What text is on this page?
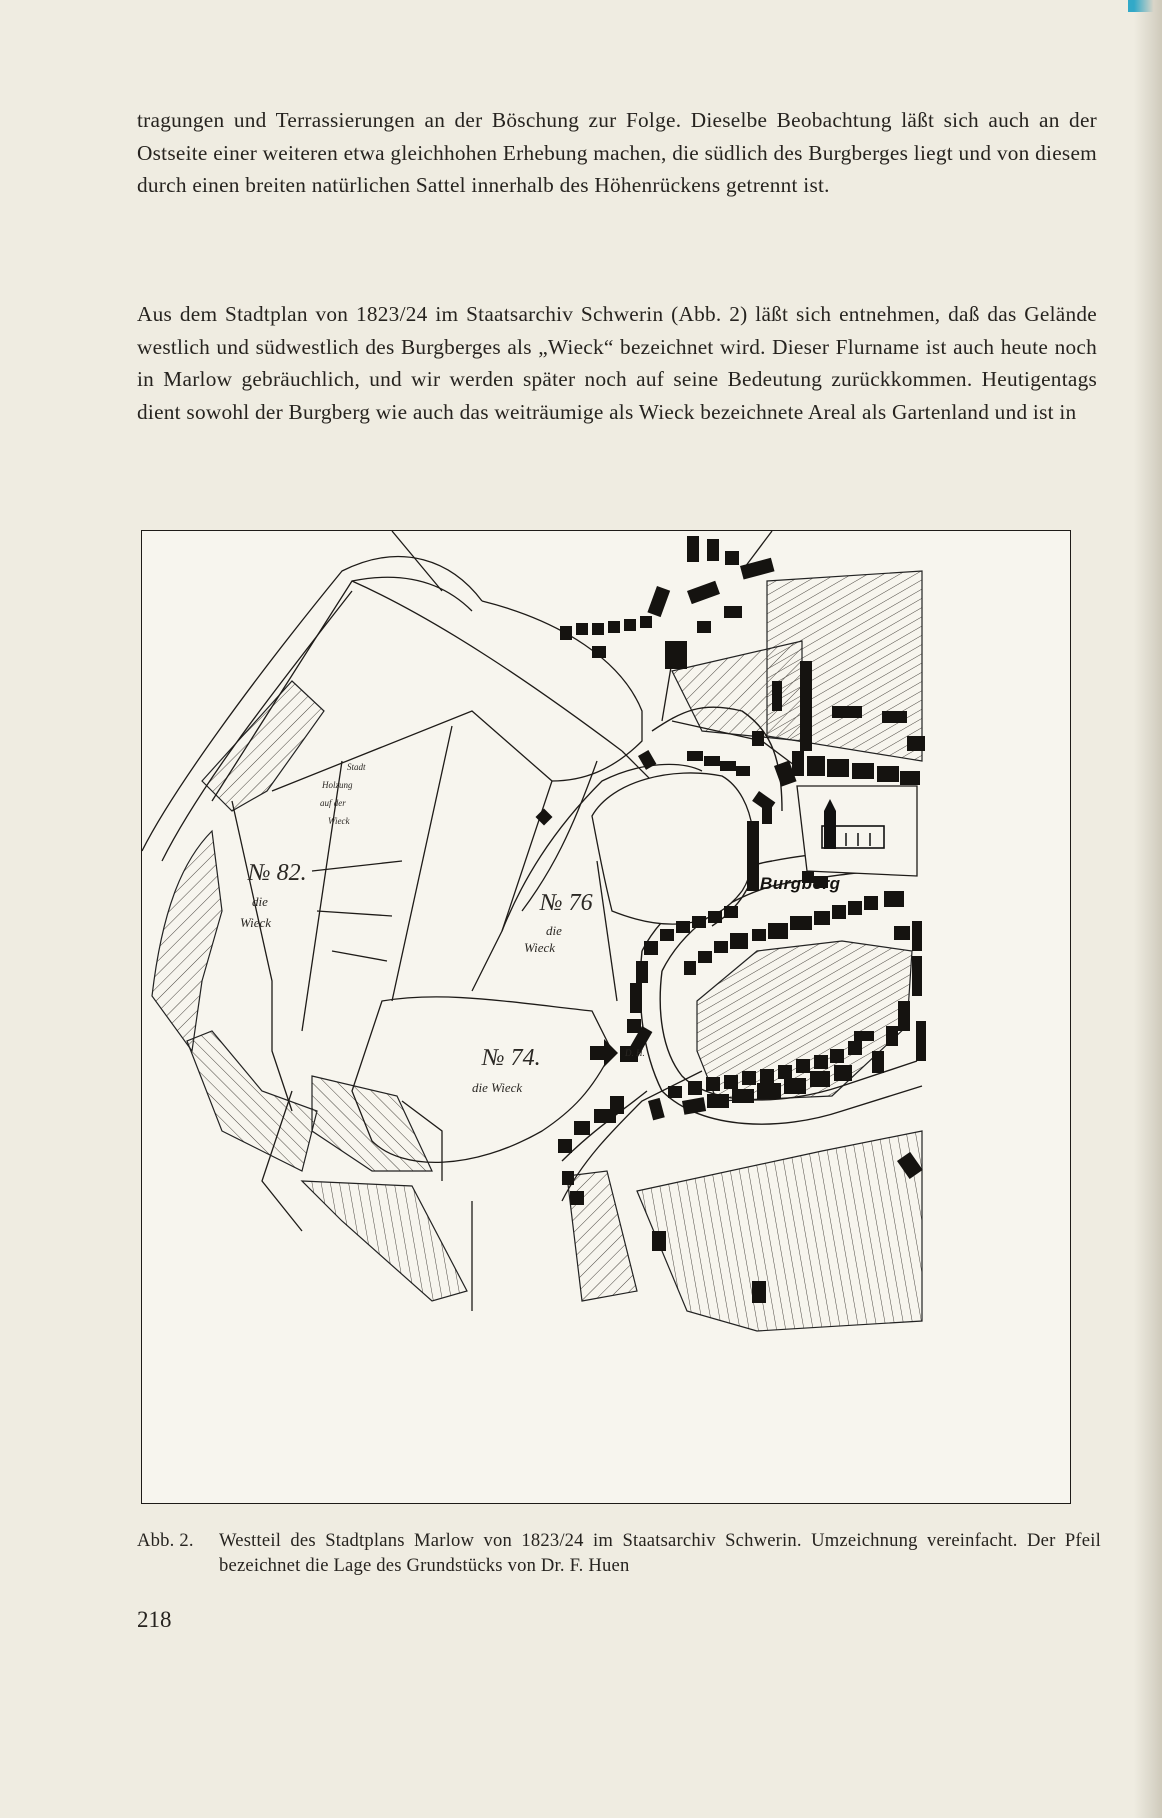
tragungen und Terrassierungen an der Böschung zur Folge. Dieselbe Beobachtung läßt sich auch an der Ostseite einer weiteren etwa gleichhohen Erhebung machen, die südlich des Burgberges liegt und von diesem durch einen breiten natürlichen Sattel innerhalb des Höhenrückens getrennt ist.

Aus dem Stadtplan von 1823/24 im Staatsarchiv Schwerin (Abb. 2) läßt sich entnehmen, daß das Gelände westlich und südwestlich des Burgberges als „Wieck“ bezeichnet wird. Dieser Flurname ist auch heute noch in Marlow gebräuchlich, und wir werden später noch auf seine Bedeutung zurückkommen. Heutigentags dient sowohl der Burgberg wie auch das weiträumige als Wieck bezeichnete Areal als Gartenland und ist in

Burgberg
№ 82.
die
Wieck
№ 76
die
Wieck
№ 74.
die Wieck
Stadt
Holzung
auf der
Wieck
D. H.
Abb. 2. Westteil des Stadtplans Marlow von 1823/24 im Staatsarchiv Schwerin. Umzeichnung vereinfacht. Der Pfeil bezeichnet die Lage des Grundstücks von Dr. F. Huen
218
